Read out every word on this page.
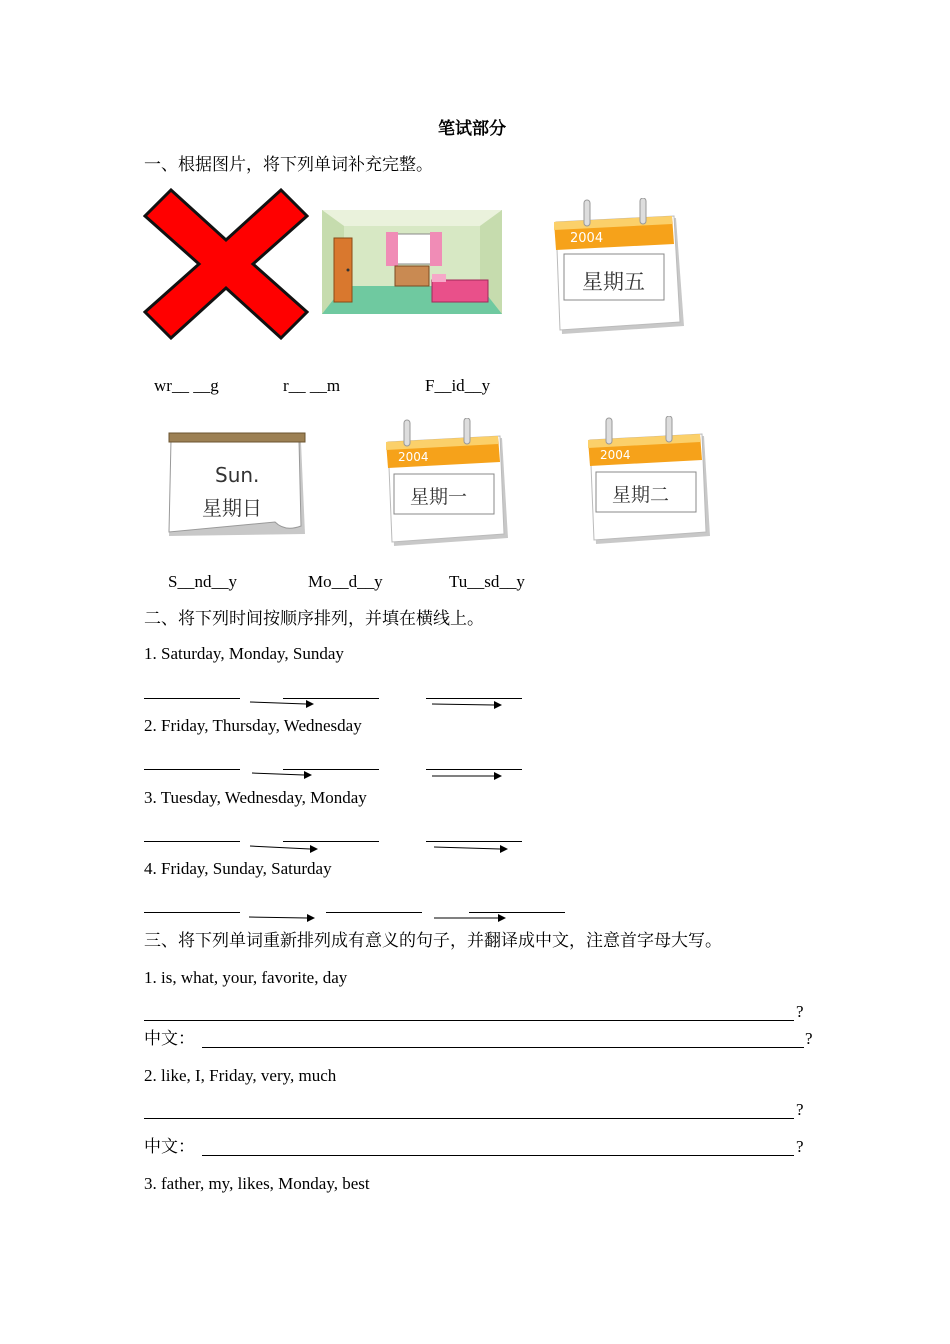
笔试部分
一、根据图片，将下列单词补充完整。
2004
星期五
wr__ __g	r__ __m	F__id__y
Sun.
星期日
2004
星期一
2004
星期二
S__nd__y	Mo__d__y	Tu__sd__y
二、将下列时间按顺序排列，并填在横线上。
1. Saturday, Monday, Sunday
2. Friday, Thursday, Wednesday
3. Tuesday, Wednesday, Monday
4. Friday, Sunday, Saturday
三、将下列单词重新排列成有意义的句子，并翻译成中文，注意首字母大写。
1. is, what, your, favorite, day
?
中文：	?
2. like, I, Friday, very, much
?
中文：	?
3. father, my, likes, Monday, best
